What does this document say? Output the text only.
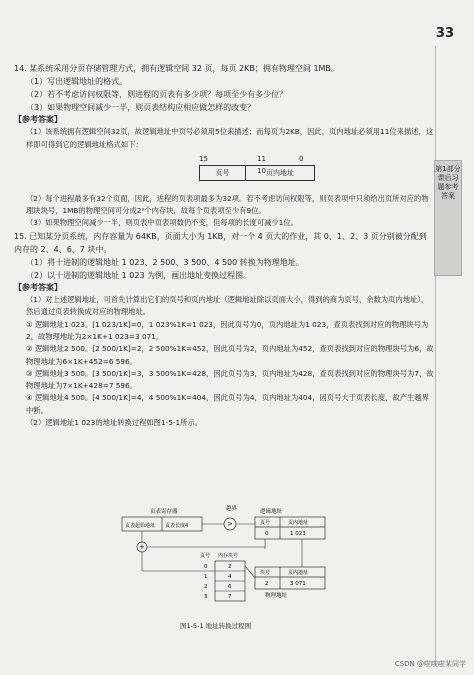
33
第1部分
课后习题参考答案

14. 某系统采用分页存储管理方式，拥有逻辑空间 32 页，每页 2KB；拥有物理空间 1MB。

（1）写出逻辑地址的格式。

（2）若不考虑访问权限等，则进程的页表有多少项？每项至少有多少位？

（3）如果物理空间减少一半，则页表结构应相应做怎样的改变？

【参考答案】

（1）该系统拥有逻辑空间32页，故逻辑地址中页号必须用5位来描述；而每页为2KB，因此，页内地址必须用11位来描述，这样即可得到它的逻辑地址格式如下：

15	11 10
0
页号	页内地址

（2）每个进程最多有32个页面，因此，进程的页表项最多为32项。若不考虑访问权限等，则页表项中只须给出页所对应的物理块块号，1MB的物理空间可分成2⁹个内存块，故每个页表项至少有9位。

（3）如果物理空间减少一半，则页表中页表项数仍不变，但每项的长度可减少1位。

15. 已知某分页系统，内存容量为 64KB，页面大小为 1KB，对一个 4 页大的作业，其 0、1、2、3 页分别被分配到内存的 2、4、6、7 块中。

（1）将十进制的逻辑地址 1 023、2 500、3 500、4 500 转换为物理地址。

（2）以十进制的逻辑地址 1 023 为例，画出地址变换过程图。

【参考答案】

（1）对上述逻辑地址，可首先计算出它们的页号和页内地址（逻辑地址除以页面大小，得到的商为页号，余数为页内地址），然后通过页表转换成对应的物理地址。

① 逻辑地址1 023。[1 023/1K]=0，1 023%1K=1 023，因此页号为0，页内地址为1 023，查页表找到对应的物理块号为2，故物理地址为2×1K+1 023=3 071。

② 逻辑地址2 500。[2 500/1K]=2，2 500%1K=452，因此页号为2，页内地址为452，查页表找到对应的物理块号为6，故物理地址为6×1K+452=6 596。

③ 逻辑地址3 500。[3 500/1K]=3，3 500%1K=428，因此页号为3，页内地址为428，查页表找到对应的物理块号为7，故物理地址为7×1K+428=7 596。

④ 逻辑地址4 500。[4 500/1K]=4，4 500%1K=404，因此页号为4，页内地址为404，因页号大于页表长度，故产生越界中断。

（2）逻辑地址1 023的地址转换过程如图1-5-1所示。

页表寄存器
页表起始地址 页表长度4	>
越界	逻辑地址
页号	页内地址
0	1 023
+
页号 内存块号
0	2
1	4
2	6
3	7
块号	页内地址
2	3 071
物理地址
图1-5-1 地址转换过程图
CSDN @啦啦啦某同学
